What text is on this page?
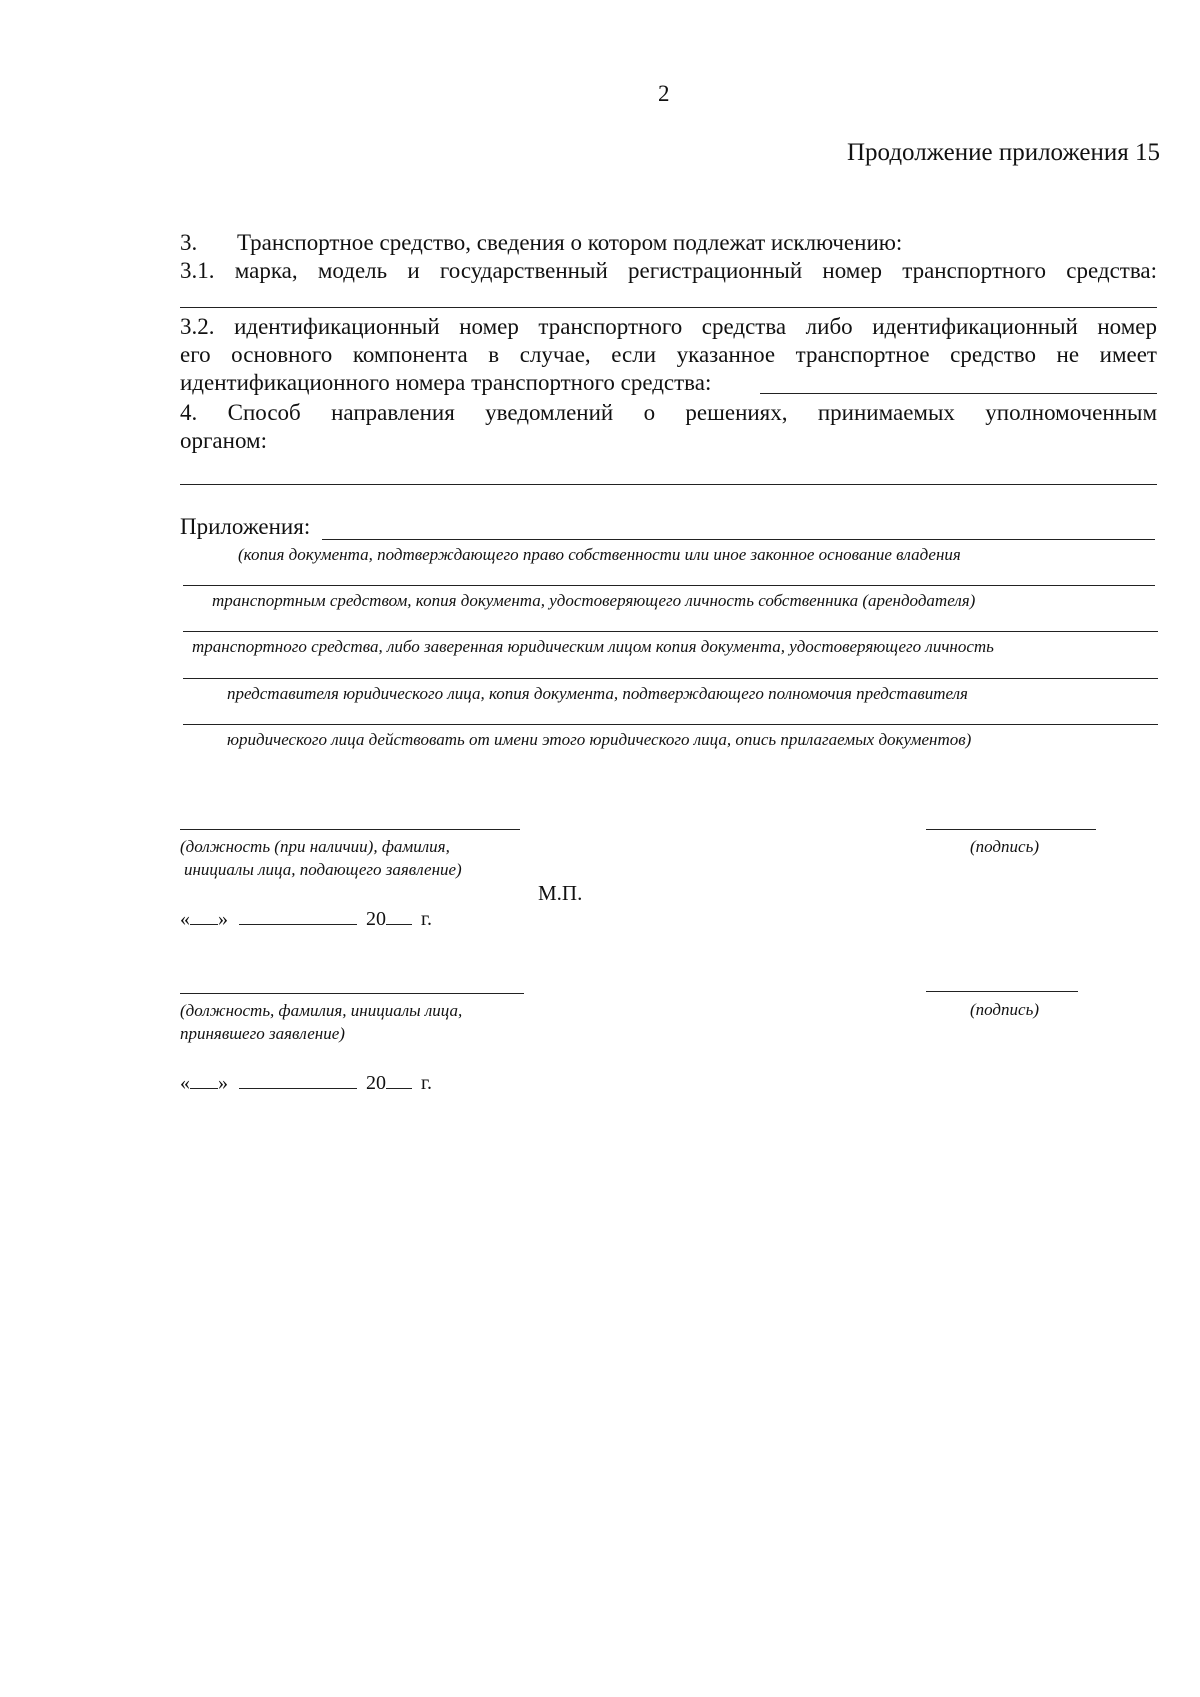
2
Продолжение приложения 15
3. Транспортное средство, сведения о котором подлежат исключению:
3.1. марка, модель и государственный регистрационный номер транспортного средства:
3.2. идентификационный номер транспортного средства либо идентификационный номер
его основного компонента в случае, если указанное транспортное средство не имеет
идентификационного номера транспортного средства:
4. Способ направления уведомлений о решениях, принимаемых уполномоченным
органом:
Приложения:
(копия документа, подтверждающего право собственности или иное законное основание владения
транспортным средством, копия документа, удостоверяющего личность собственника (арендодателя)
транспортного средства, либо заверенная юридическим лицом копия документа, удостоверяющего личность
представителя юридического лица, копия документа, подтверждающего полномочия представителя
юридического лица действовать от имени этого юридического лица, опись прилагаемых документов)
(должность (при наличии), фамилия,
инициалы лица, подающего заявление)
(подпись)
М.П.
« »	20 г.
(должность, фамилия, инициалы лица,
принявшего заявление)
(подпись)
« »	20 г.
